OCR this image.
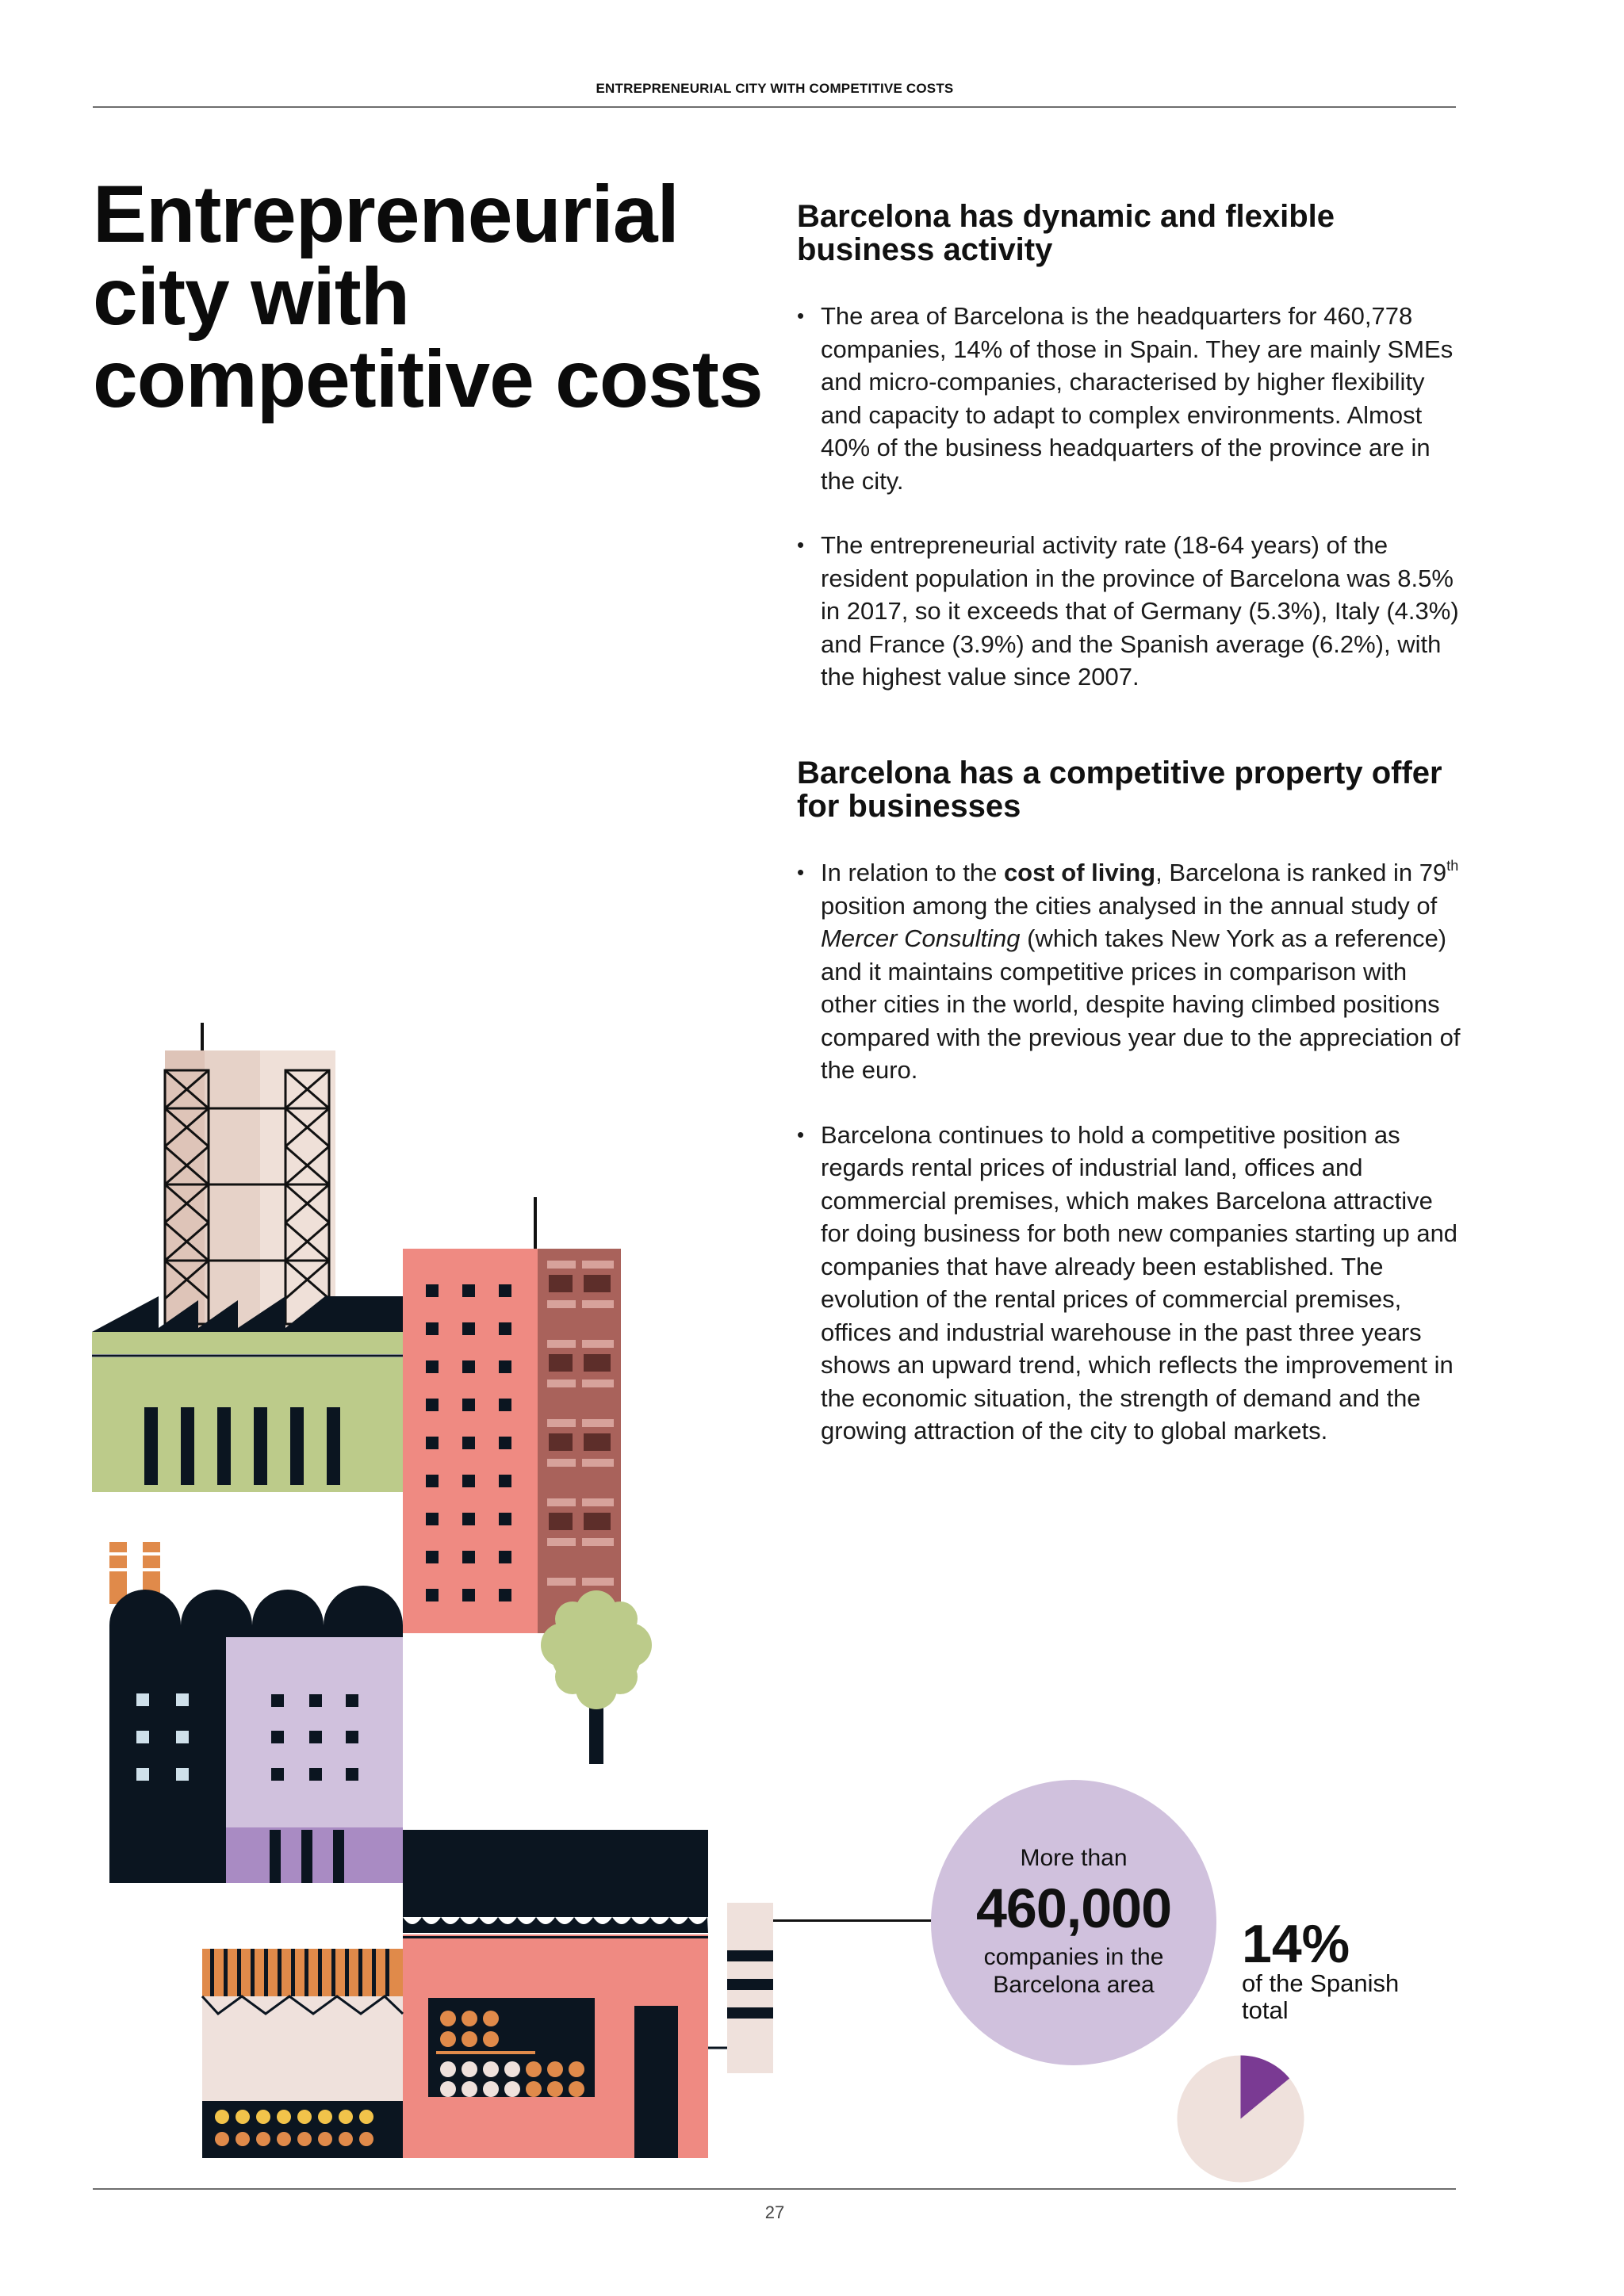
ENTREPRENEURIAL CITY WITH COMPETITIVE COSTS
Entrepreneurial
city with
competitive costs
Barcelona has dynamic and flexible
business activity
• The area of Barcelona is the headquarters for 460,778 companies, 14% of those in Spain. They are mainly SMEs and micro-companies, characterised by higher flexibility and capacity to adapt to complex environments. Almost 40% of the business headquarters of the province are in the city.
• The entrepreneurial activity rate (18-64 years) of the resident population in the province of Barcelona was 8.5% in 2017, so it exceeds that of Germany (5.3%), Italy (4.3%) and France (3.9%) and the Spanish average (6.2%), with the highest value since 2007.
Barcelona has a competitive property offer
for businesses
• In relation to the cost of living, Barcelona is ranked in 79th position among the cities analysed in the annual study of Mercer Consulting (which takes New York as a reference) and it maintains competitive prices in comparison with other cities in the world, despite having climbed positions compared with the previous year due to the appreciation of the euro.
• Barcelona continues to hold a competitive position as regards rental prices of industrial land, offices and commercial premises, which makes Barcelona attractive for doing business for both new companies starting up and companies that have already been established. The evolution of the rental prices of commercial premises, offices and industrial warehouse in the past three years shows an upward trend, which reflects the improvement in the economic situation, the strength of demand and the growing attraction of the city to global markets.
More than
460,000
companies in the Barcelona area
14%
of the Spanish total
27
